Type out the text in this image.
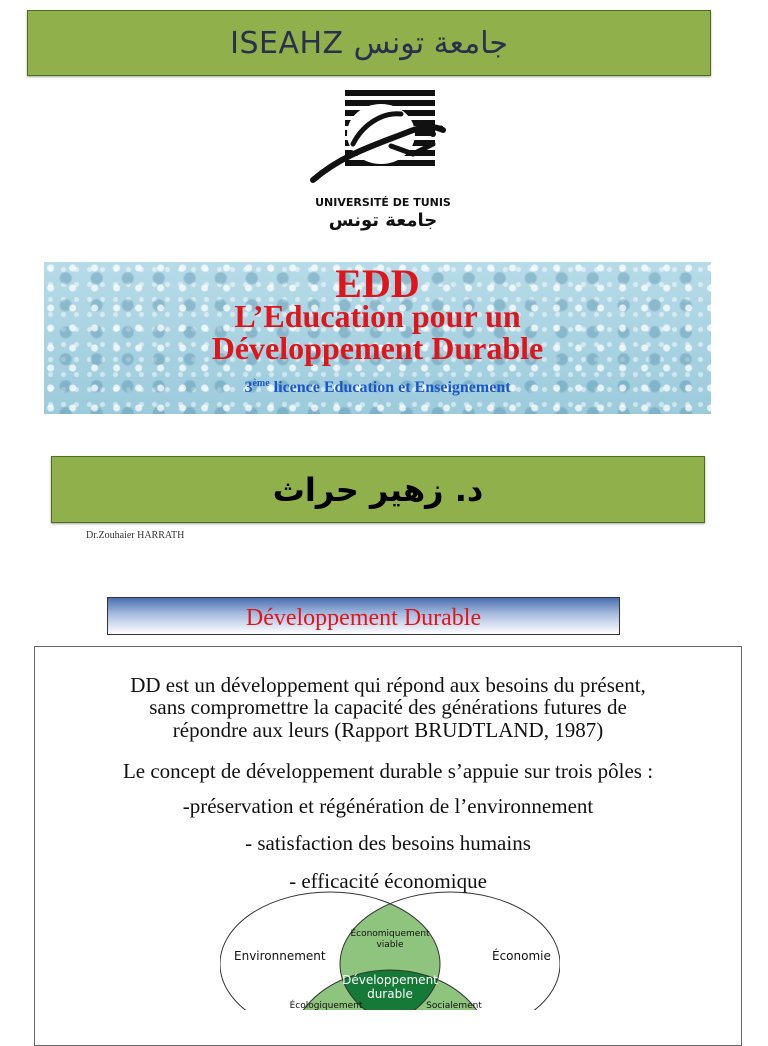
ISEAHZ جامعة تونس
UNIVERSITÉ DE TUNIS
جامعة تونس
EDD
L’Education pour un
Développement Durable
3ème licence Education et Enseignement
د. زهير حراث
Dr.Zouhaier HARRATH
Développement Durable
DD est un développement qui répond aux besoins du présent,
sans compromettre la capacité des générations futures de
répondre aux leurs (Rapport BRUDTLAND, 1987)
Le concept de développement durable s’appuie sur trois pôles :
-préservation et régénération de l’environnement
- satisfaction des besoins humains
- efficacité économique
Environnement	Économie
Économiquement
viable
Développement
durable
Écologiquement	Socialement
